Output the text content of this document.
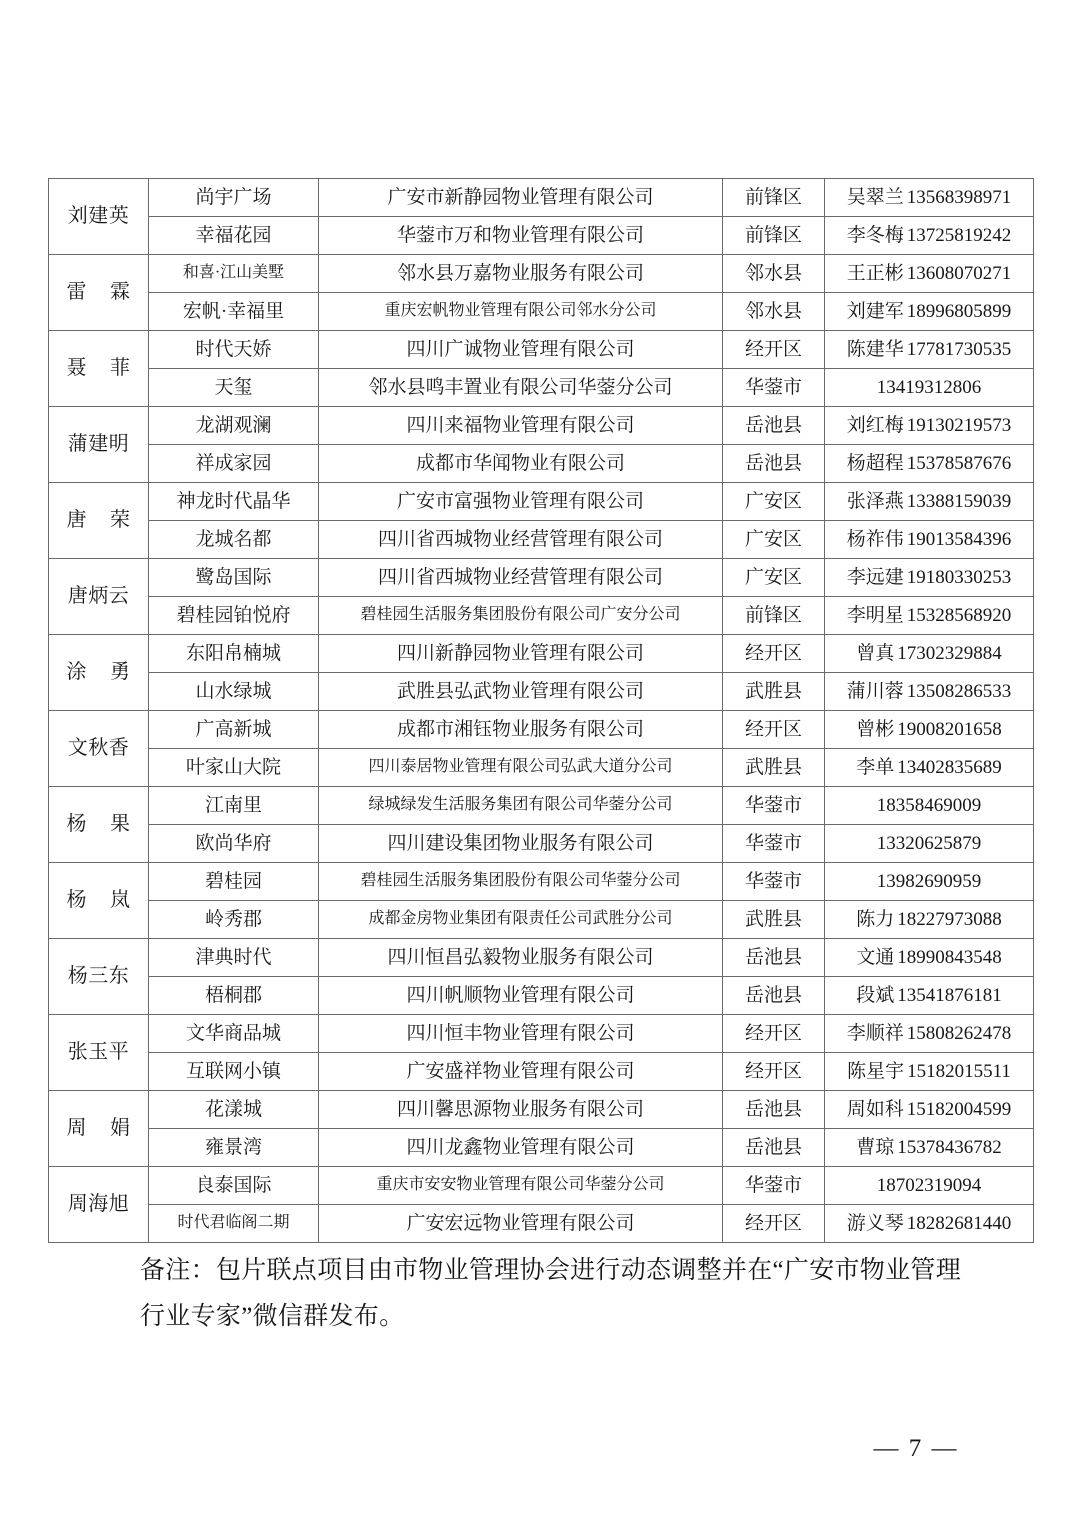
刘建英	尚宇广场	广安市新静园物业管理有限公司	前锋区	吴翠兰 13568398971
	幸福花园	华蓥市万和物业管理有限公司	前锋区	李冬梅 13725819242
雷霖	和喜·江山美墅	邻水县万嘉物业服务有限公司	邻水县	王正彬 13608070271
	宏帆·幸福里	重庆宏帆物业管理有限公司邻水分公司	邻水县	刘建军 18996805899
聂菲	时代天娇	四川广诚物业管理有限公司	经开区	陈建华 17781730535
	天玺	邻水县鸣丰置业有限公司华蓥分公司	华蓥市	13419312806
蒲建明	龙湖观澜	四川来福物业管理有限公司	岳池县	刘红梅 19130219573
	祥成家园	成都市华闻物业有限公司	岳池县	杨超程 15378587676
唐荣	神龙时代晶华	广安市富强物业管理有限公司	广安区	张泽燕 13388159039
	龙城名都	四川省西城物业经营管理有限公司	广安区	杨祚伟 19013584396
唐炳云	鹭岛国际	四川省西城物业经营管理有限公司	广安区	李远建 19180330253
	碧桂园铂悦府	碧桂园生活服务集团股份有限公司广安分公司	前锋区	李明星 15328568920
涂勇	东阳帛楠城	四川新静园物业管理有限公司	经开区	曾真 17302329884
	山水绿城	武胜县弘武物业管理有限公司	武胜县	蒲川蓉 13508286533
文秋香	广高新城	成都市湘钰物业服务有限公司	经开区	曾彬 19008201658
	叶家山大院	四川泰居物业管理有限公司弘武大道分公司	武胜县	李单 13402835689
杨果	江南里	绿城绿发生活服务集团有限公司华蓥分公司	华蓥市	18358469009
	欧尚华府	四川建设集团物业服务有限公司	华蓥市	13320625879
杨岚	碧桂园	碧桂园生活服务集团股份有限公司华蓥分公司	华蓥市	13982690959
	岭秀郡	成都金房物业集团有限责任公司武胜分公司	武胜县	陈力 18227973088
杨三东	津典时代	四川恒昌弘毅物业服务有限公司	岳池县	文通 18990843548
	梧桐郡	四川帆顺物业管理有限公司	岳池县	段斌 13541876181
张玉平	文华商品城	四川恒丰物业管理有限公司	经开区	李顺祥 15808262478
	互联网小镇	广安盛祥物业管理有限公司	经开区	陈星宇 15182015511
周娟	花漾城	四川馨思源物业服务有限公司	岳池县	周如科 15182004599
	雍景湾	四川龙鑫物业管理有限公司	岳池县	曹琼 15378436782
周海旭	良泰国际	重庆市安安物业管理有限公司华蓥分公司	华蓥市	18702319094
	时代君临阁二期	广安宏远物业管理有限公司	经开区	游义琴 18282681440
备注：包片联点项目由市物业管理协会进行动态调整并在“广安市物业管理行业专家”微信群发布。
— 7 —
